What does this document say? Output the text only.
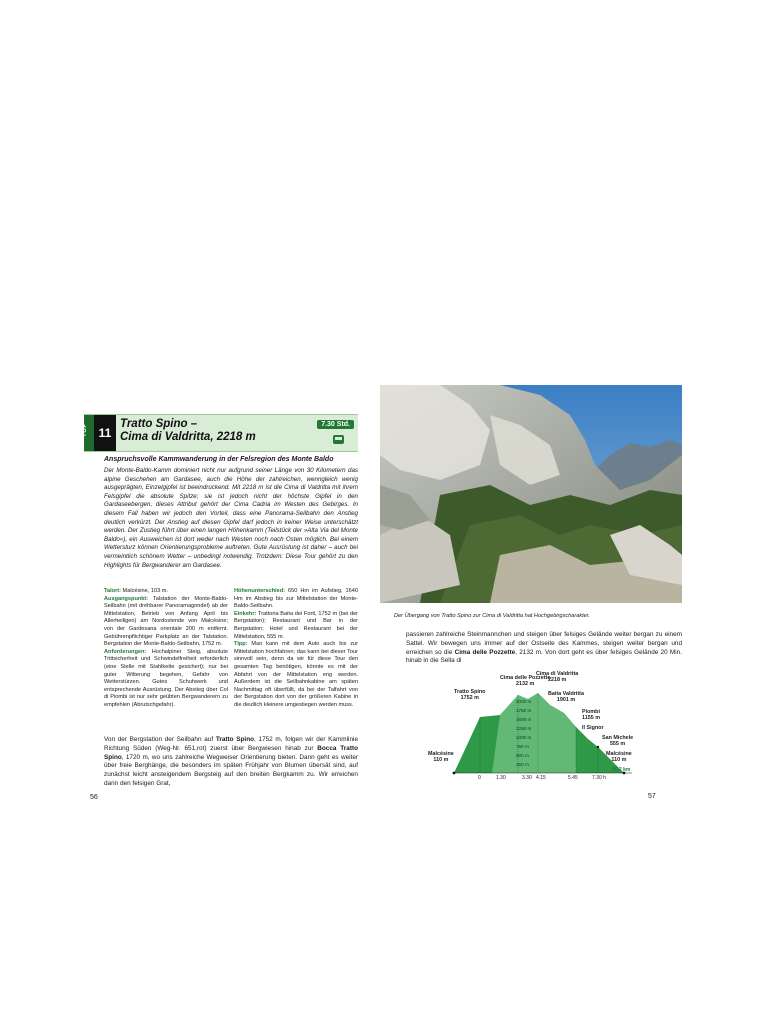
TOP 11
Tratto Spino –
Cima di Valdritta, 2218 m
7.30 Std.
Anspruchsvolle Kammwanderung in der Felsregion des Monte Baldo
Der Monte-Baldo-Kamm dominiert nicht nur aufgrund seiner Länge von 30 Kilometern das alpine Geschehen am Gardasee, auch die Höhe der zahlreichen, wenngleich wenig ausgeprägten, Einzelgipfel ist beeindruckend. Mit 2218 m ist die Cima di Valdritta mit ihrem Felsgipfel die absolute Spitze; sie ist jedoch nicht der höchste Gipfel in den Gardaseebergen, dieses Attribut gehört der Cima Cadria im Westen des Gebirges. In diesem Fall haben wir jedoch den Vorteil, dass eine Panorama-Seilbahn den Anstieg deutlich verkürzt. Der Anstieg auf diesen Gipfel darf jedoch in keiner Weise unterschätzt werden. Der Zustieg führt über einen langen Höhenkamm (Teilstück der »Alta Via del Monte Baldo«), ein Ausweichen ist dort weder nach Westen noch nach Osten möglich. Bei einem Wettersturz können Orientierungsprobleme auftreten. Gute Ausrüstung ist daher – auch bei vermeintlich schönem Wetter – unbedingt notwendig. Trotzdem: Diese Tour gehört zu den Highlights für Bergwanderer am Gardasee.
Talort: Malcésine, 103 m.
Ausgangspunkt: Talstation der Monte-Baldo-Seilbahn (mit drehbarer Panoramagondel) ab der Mittelstation, Betrieb von Anfang April bis Allerheiligen) am Nordostende von Malcésine; von der Gardesana orientale 200 m entfernt. Gebührenpflichtiger Parkplatz an der Talstation. Bergstation der Monte-Baldo-Seilbahn, 1752 m.
Anforderungen: Hochalpiner Steig, absolute Trittsicherheit und Schwindelfreiheit erforderlich (eine Stelle mit Stahlkette gesichert); nur bei guter Witterung begehen, Gefahr von Wetterstürzen. Gutes Schuhwerk und entsprechende Ausrüstung. Der Abstieg über Col di Piombi ist nur sehr geübten Bergwanderern zu empfehlen (Abrutschgefahr).
Höhenunterschied: 650 Hm im Aufstieg, 1640 Hm im Abstieg bis zur Mittelstation der Monte-Baldo-Seilbahn.
Einkehr: Trattoria Baita dei Forti, 1752 m (bei der Bergstation); Restaurant und Bar in der Bergstation; Hotel und Restaurant bei der Mittelstation, 555 m.
Tipp: Man kann mit dem Auto auch bis zur Mittelstation hochfahren; das kann bei dieser Tour sinnvoll sein, denn da wir für diese Tour den gesamten Tag benötigen, könnte es mit der Abfahrt von der Mittelstation eng werden. Außerdem ist die Seilbahnkabine am späten Nachmittag oft überfüllt, da bei der Talfahrt von der Bergstation dort von der größeren Kabine in die deutlich kleinere umgestiegen werden muss.
Von der Bergstation der Seilbahn auf Tratto Spino, 1752 m, folgen wir der Kammlinie Richtung Süden (Weg-Nr. 651,rot) zuerst über Bergwiesen hinab zur Bocca Tratto Spino, 1720 m, wo uns zahlreiche Wegweiser Orientierung bieten. Dann geht es weiter über freie Berghänge, die besonders im späten Frühjahr von Blumen übersät sind, auf zunächst leicht ansteigendem Bergsteig auf den breiten Bergkamm zu. Wir erreichen dann den felsigen Grat,
56
Der Übergang von Tratto Spino zur Cima di Valdritta hat Hochgebirgscharakter.
passieren zahlreiche Steinmannchen und steigen über felsiges Gelände weiter bergan zu einem Sattel. Wir bewegen uns immer auf der Ostseite des Kammes, steigen weiter bergan und erreichen so die Cima delle Pozzette, 2132 m. Von dort geht es über felsiges Gelände 20 Min. hinab in die Sella di
Cima delle Pozzette
2132 m
Cima di Valdritta
2218 m
Tratto Spino
1752 m
Baita Valdritta
1901 m
Piombi
1155 m
Il Signor
San Michele
555 m
Malcésine
110 m
Malcésine
110 m
2000 m
1750 m
1500 m
1250 m
1000 m
750 m
500 m
250 m
0	1.30	3.30 4.15	5.45	7.30 h
16.2 km
57
